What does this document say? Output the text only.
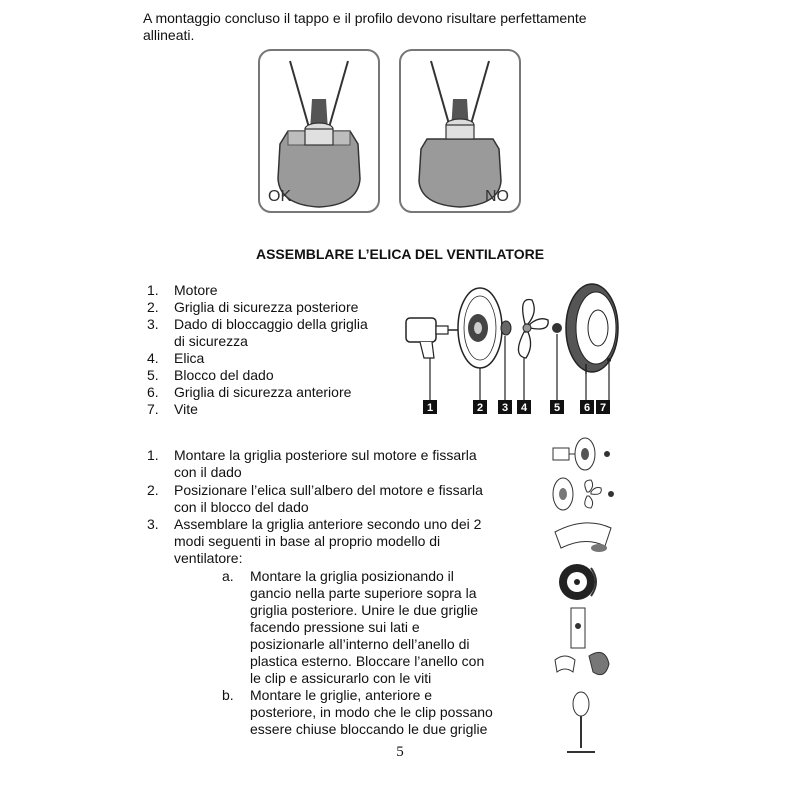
A montaggio concluso il tappo e il profilo devono risultare perfettamente
allineati.
OK	NO
ASSEMBLARE L’ELICA DEL VENTILATORE
1. Motore
2. Griglia di sicurezza posteriore
3. Dado di bloccaggio della griglia
di sicurezza
4. Elica
5. Blocco del dado
6. Griglia di sicurezza anteriore
7. Vite	1	2 3 4 5 6 7
1. Montare la griglia posteriore sul motore e fissarla
con il dado
2. Posizionare l’elica sull’albero del motore e fissarla
con il blocco del dado
3. Assemblare la griglia anteriore secondo uno dei 2
modi seguenti in base al proprio modello di
ventilatore:
a. Montare la griglia posizionando il
gancio nella parte superiore sopra la
griglia posteriore. Unire le due griglie
facendo pressione sui lati e
posizionarle all’interno dell’anello di
plastica esterno. Bloccare l’anello con
le clip e assicurarlo con le viti
b. Montare le griglie, anteriore e
posteriore, in modo che le clip possano
essere chiuse bloccando le due griglie
5
